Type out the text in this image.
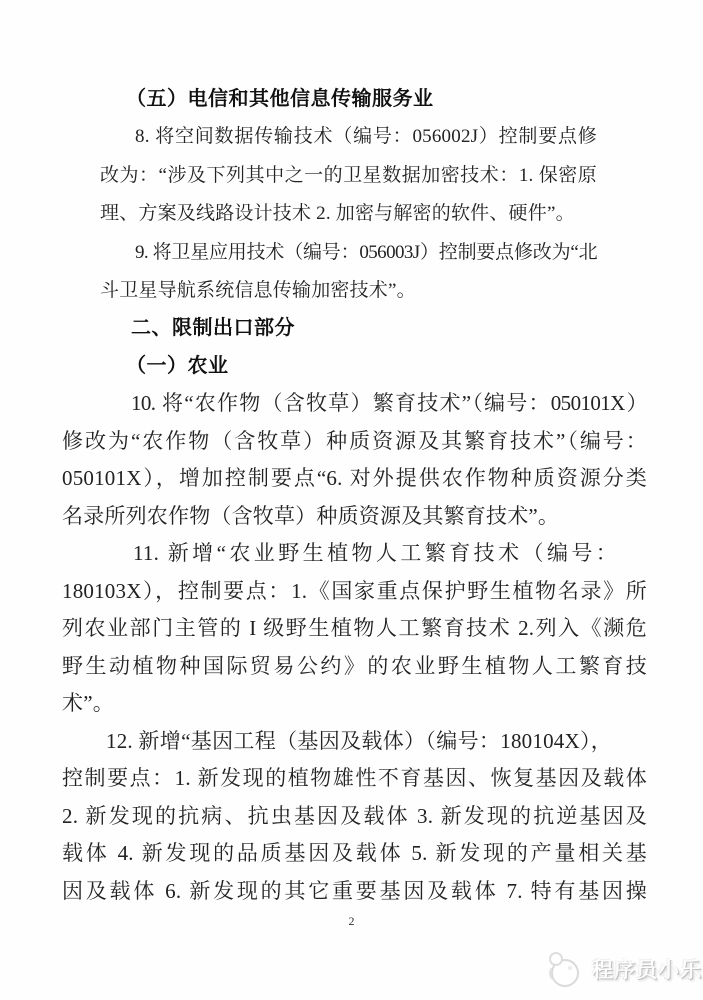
（五）电信和其他信息传输服务业
8. 将空间数据传输技术（编号：056002J）控制要点修
改为：“涉及下列其中之一的卫星数据加密技术：1. 保密原
理、方案及线路设计技术 2. 加密与解密的软件、硬件”。
9. 将卫星应用技术（编号：056003J）控制要点修改为“北
斗卫星导航系统信息传输加密技术”。
二、限制出口部分
（一）农业
10. 将“农作物（含牧草）繁育技术”（编号：050101X）
修改为“农作物（含牧草）种质资源及其繁育技术”（编号：
050101X），增加控制要点“6. 对外提供农作物种质资源分类
名录所列农作物（含牧草）种质资源及其繁育技术”。
11. 新增“农业野生植物人工繁育技术（编号：
180103X），控制要点：1.《国家重点保护野生植物名录》所
列农业部门主管的 I 级野生植物人工繁育技术 2.列入《濒危
野生动植物种国际贸易公约》的农业野生植物人工繁育技
术”。
12. 新增“基因工程（基因及载体）（编号：180104X），
控制要点：1. 新发现的植物雄性不育基因、恢复基因及载体
2. 新发现的抗病、抗虫基因及载体 3. 新发现的抗逆基因及
载体 4. 新发现的品质基因及载体 5. 新发现的产量相关基
因及载体 6. 新发现的其它重要基因及载体 7. 特有基因操
2
程序员小乐
